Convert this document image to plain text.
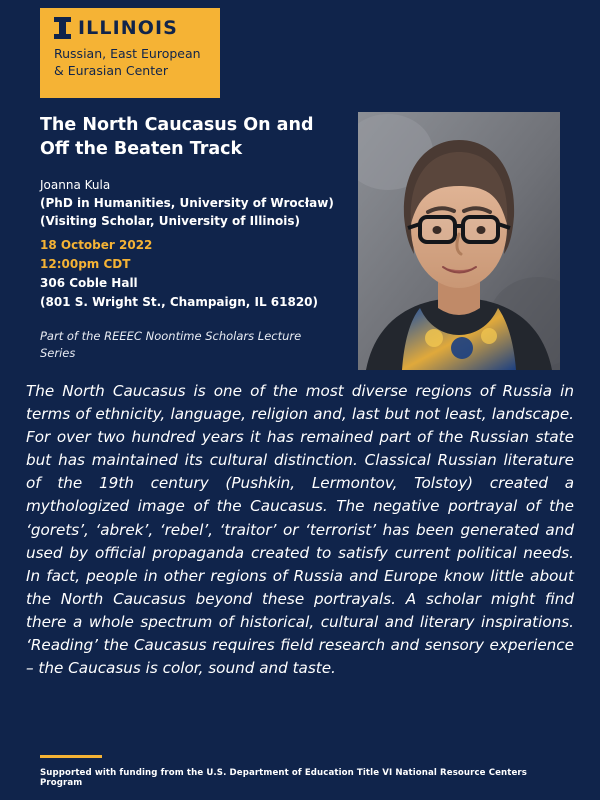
ILLINOIS
Russian, East European
& Eurasian Center
The North Caucasus On and Off the Beaten Track
Joanna Kula
(PhD in Humanities, University of Wrocław)
(Visiting Scholar, University of Illinois)
18 October 2022
12:00pm CDT
306 Coble Hall
(801 S. Wright St., Champaign, IL 61820)
Part of the REEEC Noontime Scholars Lecture Series
The North Caucasus is one of the most diverse regions of Russia in terms of ethnicity, language, religion and, last but not least, landscape. For over two hundred years it has remained part of the Russian state but has maintained its cultural distinction. Classical Russian literature of the 19th century (Pushkin, Lermontov, Tolstoy) created a mythologized image of the Caucasus. The negative portrayal of the ‘gorets’, ‘abrek’, ‘rebel’, ‘traitor’ or ‘terrorist’ has been generated and used by official propaganda created to satisfy current political needs. In fact, people in other regions of Russia and Europe know little about the North Caucasus beyond these portrayals. A scholar might find there a whole spectrum of historical, cultural and literary inspirations. ‘Reading’ the Caucasus requires field research and sensory experience – the Caucasus is color, sound and taste.
Supported with funding from the U.S. Department of Education Title VI National Resource Centers Program
